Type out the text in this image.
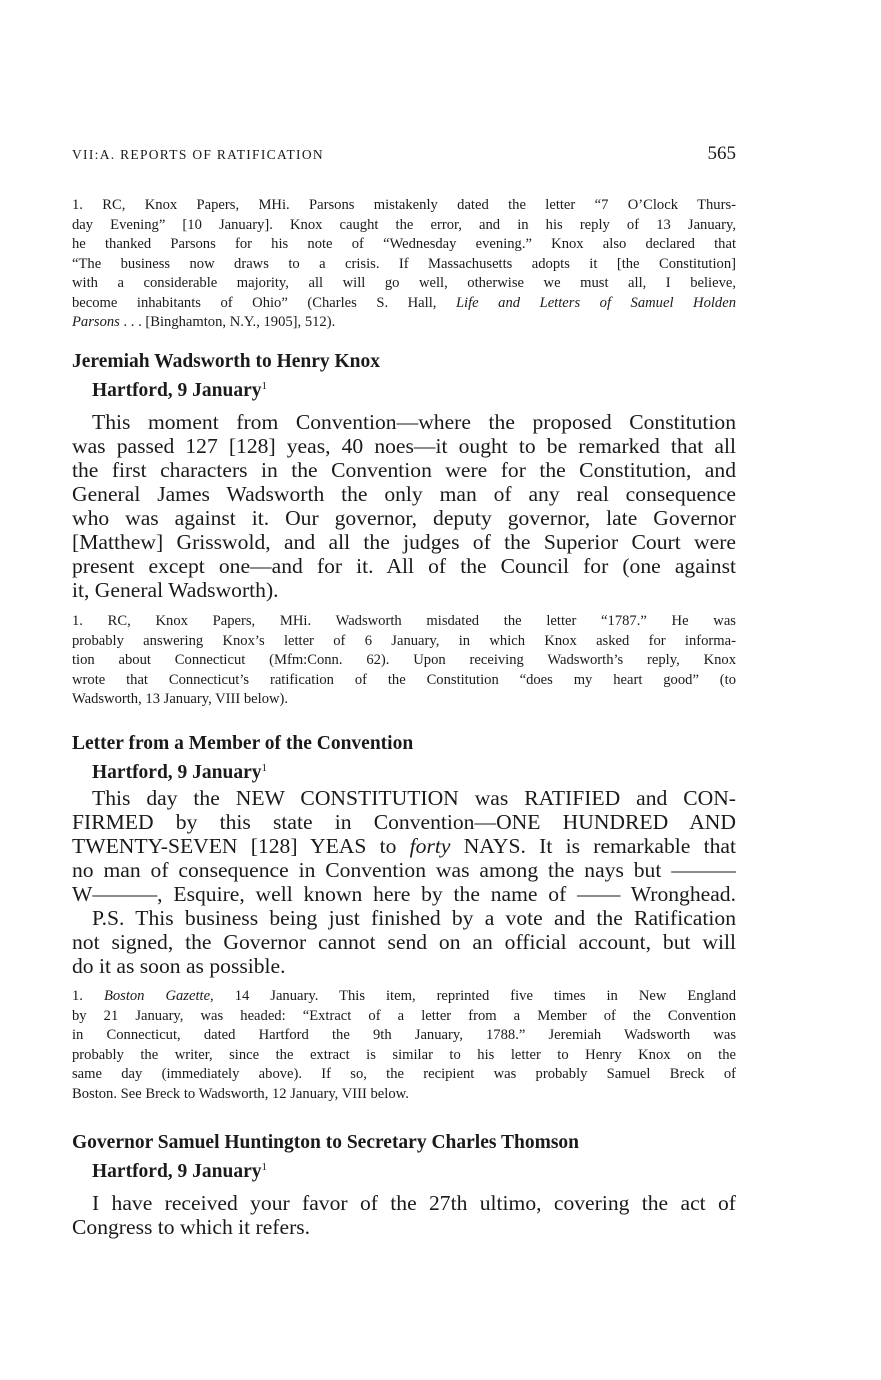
VII:A. REPORTS OF RATIFICATION	565
1. RC, Knox Papers, MHi. Parsons mistakenly dated the letter “7 O’Clock Thurs-
day Evening” [10 January]. Knox caught the error, and in his reply of 13 January,
he thanked Parsons for his note of “Wednesday evening.” Knox also declared that
“The business now draws to a crisis. If Massachusetts adopts it [the Constitution]
with a considerable majority, all will go well, otherwise we must all, I believe,
become inhabitants of Ohio” (Charles S. Hall, Life and Letters of Samuel Holden
Parsons . . . [Binghamton, N.Y., 1905], 512).
Jeremiah Wadsworth to Henry Knox
Hartford, 9 January$^1$
This moment from Convention—where the proposed Constitution
was passed 127 [128] yeas, 40 noes—it ought to be remarked that all
the first characters in the Convention were for the Constitution, and
General James Wadsworth the only man of any real consequence
who was against it. Our governor, deputy governor, late Governor
[Matthew] Grisswold, and all the judges of the Superior Court were
present except one—and for it. All of the Council for (one against
it, General Wadsworth).
1. RC, Knox Papers, MHi. Wadsworth misdated the letter “1787.” He was
probably answering Knox’s letter of 6 January, in which Knox asked for informa-
tion about Connecticut (Mfm:Conn. 62). Upon receiving Wadsworth’s reply, Knox
wrote that Connecticut’s ratification of the Constitution “does my heart good” (to
Wadsworth, 13 January, VIII below).
Letter from a Member of the Convention
Hartford, 9 January$^1$
This day the NEW CONSTITUTION was RATIFIED and CON-
FIRMED by this state in Convention—ONE HUNDRED AND
TWENTY-SEVEN [128] YEAS to forty NAYS. It is remarkable that
no man of consequence in Convention was among the nays but ———
W———, Esquire, well known here by the name of —— Wronghead.
P.S. This business being just finished by a vote and the Ratification
not signed, the Governor cannot send on an official account, but will
do it as soon as possible.
1. Boston Gazette, 14 January. This item, reprinted five times in New England
by 21 January, was headed: “Extract of a letter from a Member of the Convention
in Connecticut, dated Hartford the 9th January, 1788.” Jeremiah Wadsworth was
probably the writer, since the extract is similar to his letter to Henry Knox on the
same day (immediately above). If so, the recipient was probably Samuel Breck of
Boston. See Breck to Wadsworth, 12 January, VIII below.
Governor Samuel Huntington to Secretary Charles Thomson
Hartford, 9 January$^1$
I have received your favor of the 27th ultimo, covering the act of
Congress to which it refers.
